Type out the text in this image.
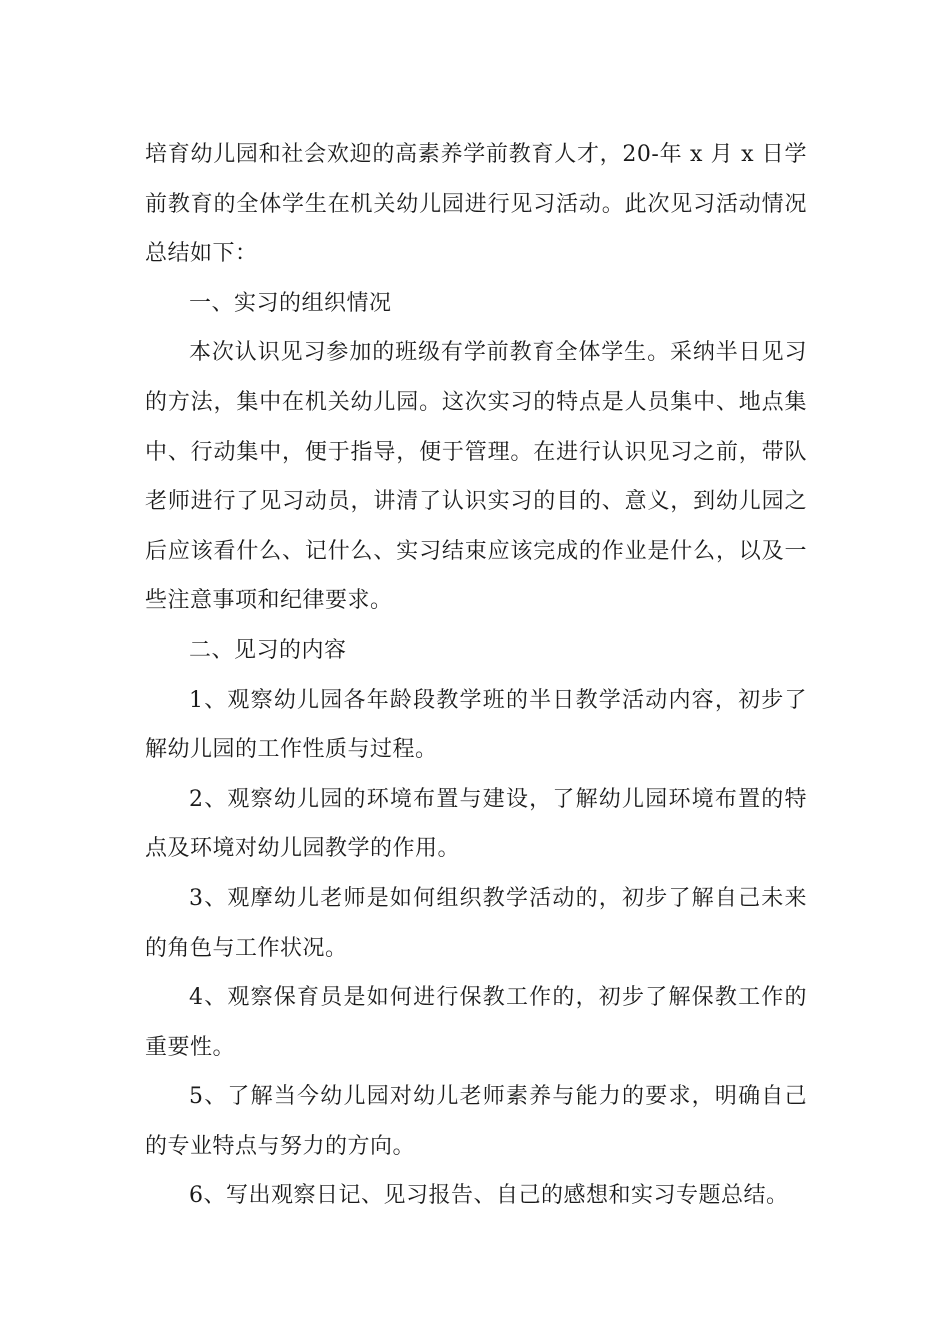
培育幼儿园和社会欢迎的高素养学前教育人才，20-年 x 月 x 日学前教育的全体学生在机关幼儿园进行见习活动。此次见习活动情况总结如下：

一、实习的组织情况

本次认识见习参加的班级有学前教育全体学生。采纳半日见习的方法，集中在机关幼儿园。这次实习的特点是人员集中、地点集中、行动集中，便于指导，便于管理。在进行认识见习之前，带队老师进行了见习动员，讲清了认识实习的目的、意义，到幼儿园之后应该看什么、记什么、实习结束应该完成的作业是什么，以及一些注意事项和纪律要求。

二、见习的内容

1、观察幼儿园各年龄段教学班的半日教学活动内容，初步了解幼儿园的工作性质与过程。

2、观察幼儿园的环境布置与建设，了解幼儿园环境布置的特点及环境对幼儿园教学的作用。

3、观摩幼儿老师是如何组织教学活动的，初步了解自己未来的角色与工作状况。

4、观察保育员是如何进行保教工作的，初步了解保教工作的重要性。

5、了解当今幼儿园对幼儿老师素养与能力的要求，明确自己的专业特点与努力的方向。

6、写出观察日记、见习报告、自己的感想和实习专题总结。
